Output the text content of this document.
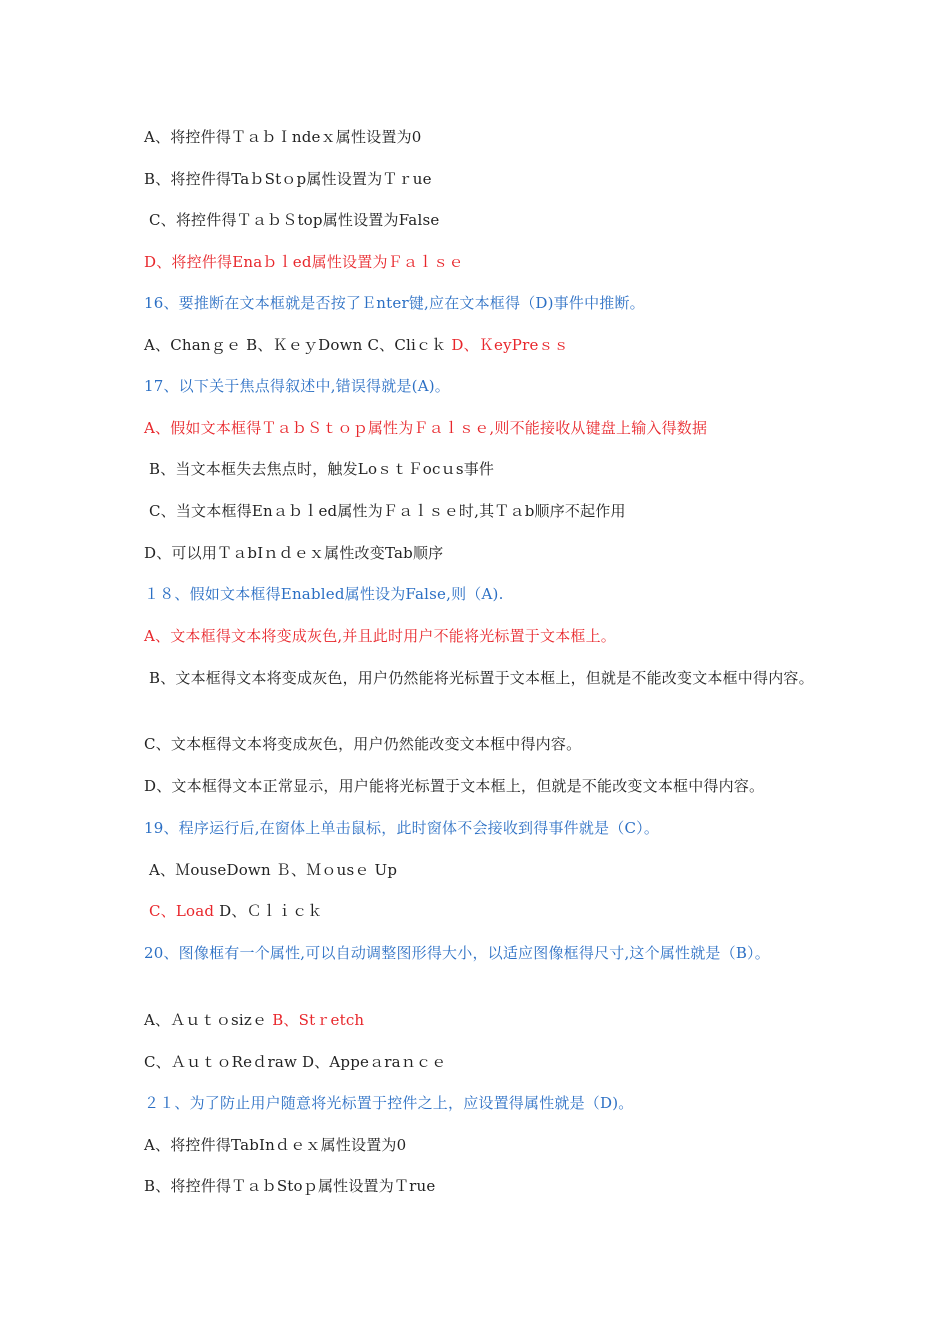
A、将控件得ＴａｂＩndeｘ属性设置为0
B、将控件得TaｂStｏp属性设置为Ｔｒue
C、将控件得ＴａｂＳtop属性设置为False
D、将控件得Enaｂｌed属性设置为Ｆａｌｓｅ
16、要推断在文本框就是否按了Ｅnter键,应在文本框得（D)事件中推断。
A、Chanｇｅ B、ＫｅｙDown C、Cliｃｋ D、ＫeyPreｓｓ
17、以下关于焦点得叙述中,错误得就是(A)。
A、假如文本框得ＴａｂＳｔｏｐ属性为Ｆａｌｓｅ,则不能接收从键盘上输入得数据
B、当文本框失去焦点时，触发LoｓｔＦocｕs事件
C、当文本框得Enａｂｌed属性为Ｆａｌｓｅ时,其Ｔａb顺序不起作用
D、可以用ＴａbIｎｄｅｘ属性改变Tab顺序
１８、假如文本框得Enabled属性设为False,则（A).
A、文本框得文本将变成灰色,并且此时用户不能将光标置于文本框上。
B、文本框得文本将变成灰色，用户仍然能将光标置于文本框上，但就是不能改变文本框中得内容。
C、文本框得文本将变成灰色，用户仍然能改变文本框中得内容。
D、文本框得文本正常显示，用户能将光标置于文本框上，但就是不能改变文本框中得内容。
19、程序运行后,在窗体上单击鼠标，此时窗体不会接收到得事件就是（C）。
A、ＭouseDown Ｂ、Ｍｏusｅ Up
C、Load D、Ｃｌｉｃｋ
20、图像框有一个属性,可以自动调整图形得大小，以适应图像框得尺寸,这个属性就是（B）。
A、Ａｕｔｏsizｅ B、Stｒetch
C、ＡｕｔｏReｄraw D、Appeａraｎｃｅ
２１、为了防止用户随意将光标置于控件之上，应设置得属性就是（D)。
A、将控件得TabInｄｅｘ属性设置为0
B、将控件得ＴａｂStoｐ属性设置为Ｔrue
